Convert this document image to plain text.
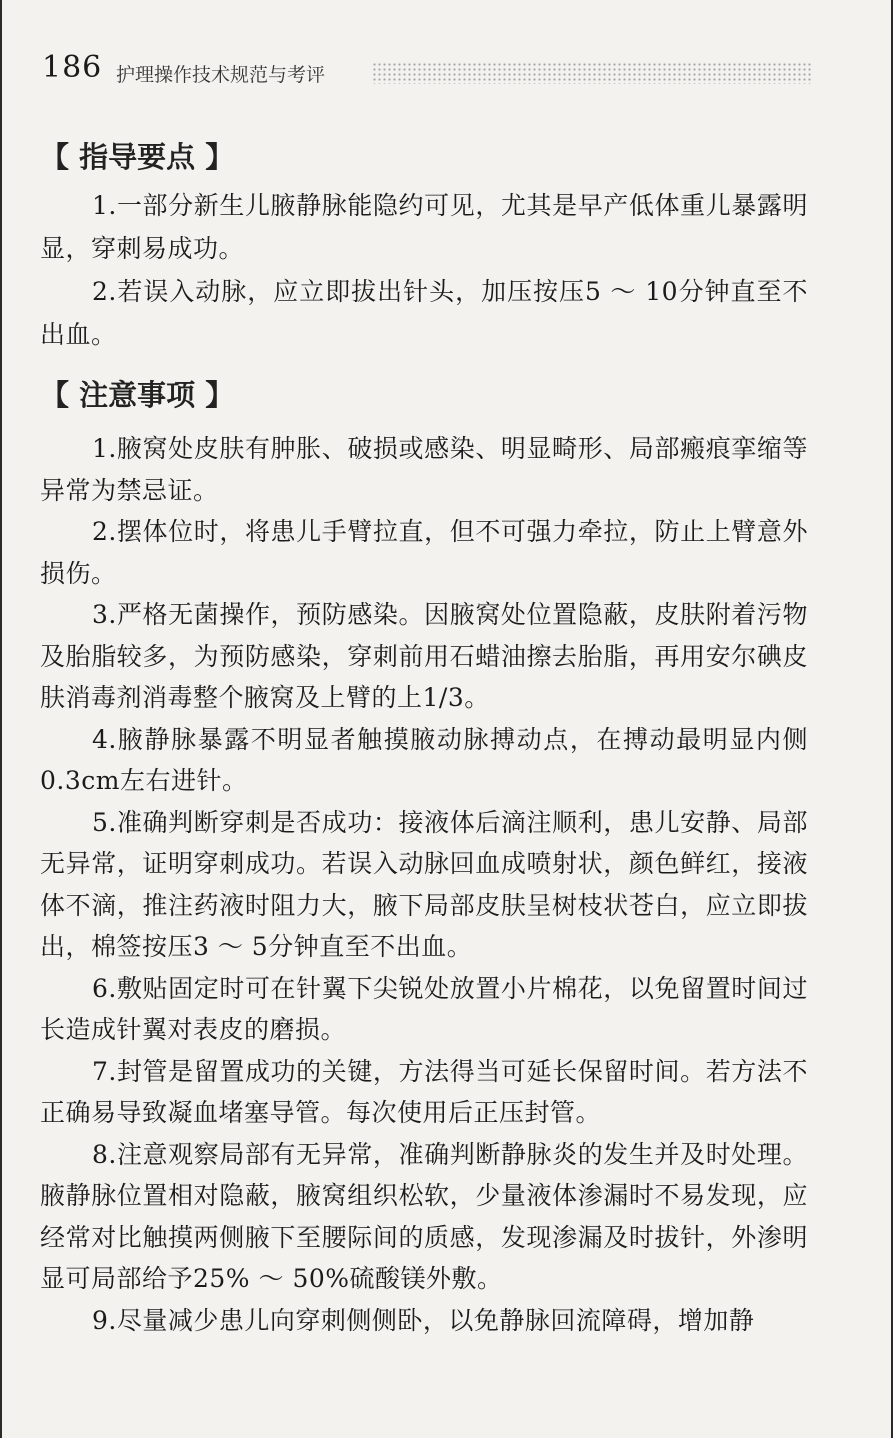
186 护理操作技术规范与考评
【 指导要点 】

1.一部分新生儿腋静脉能隐约可见，尤其是早产低体重儿暴露明显，穿刺易成功。

2.若误入动脉，应立即拔出针头，加压按压5 ～ 10分钟直至不出血。

【 注意事项 】

1.腋窝处皮肤有肿胀、破损或感染、明显畸形、局部瘢痕挛缩等异常为禁忌证。

2.摆体位时，将患儿手臂拉直，但不可强力牵拉，防止上臂意外损伤。

3.严格无菌操作，预防感染。因腋窝处位置隐蔽，皮肤附着污物及胎脂较多，为预防感染，穿刺前用石蜡油擦去胎脂，再用安尔碘皮肤消毒剂消毒整个腋窝及上臂的上1/3。

4.腋静脉暴露不明显者触摸腋动脉搏动点，在搏动最明显内侧0.3cm左右进针。

5.准确判断穿刺是否成功：接液体后滴注顺利，患儿安静、局部无异常，证明穿刺成功。若误入动脉回血成喷射状，颜色鲜红，接液体不滴，推注药液时阻力大，腋下局部皮肤呈树枝状苍白，应立即拔出，棉签按压3 ～ 5分钟直至不出血。

6.敷贴固定时可在针翼下尖锐处放置小片棉花，以免留置时间过长造成针翼对表皮的磨损。

7.封管是留置成功的关键，方法得当可延长保留时间。若方法不正确易导致凝血堵塞导管。每次使用后正压封管。

8.注意观察局部有无异常，准确判断静脉炎的发生并及时处理。腋静脉位置相对隐蔽，腋窝组织松软，少量液体渗漏时不易发现，应经常对比触摸两侧腋下至腰际间的质感，发现渗漏及时拔针，外渗明显可局部给予25% ～ 50%硫酸镁外敷。

9.尽量减少患儿向穿刺侧侧卧，以免静脉回流障碍，增加静
